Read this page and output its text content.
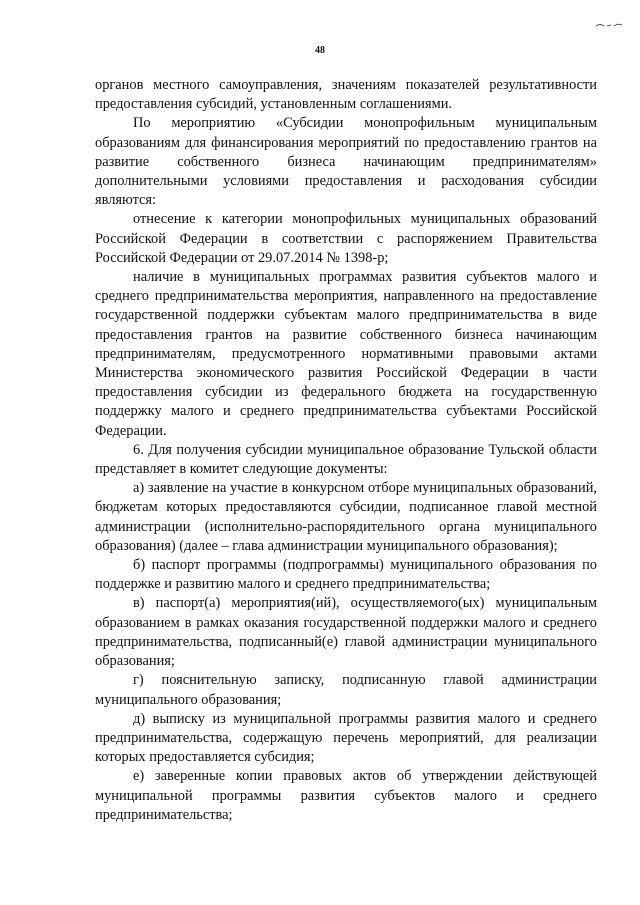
48

органов местного самоуправления, значениям показателей результативности предоставления субсидий, установленным соглашениями.

По мероприятию «Субсидии монопрофильным муниципальным образованиям для финансирования мероприятий по предоставлению грантов на развитие собственного бизнеса начинающим предпринимателям» дополнительными условиями предоставления и расходования субсидии являются:

отнесение к категории монопрофильных муниципальных образований Российской Федерации в соответствии с распоряжением Правительства Российской Федерации от 29.07.2014 № 1398-р;

наличие в муниципальных программах развития субъектов малого и среднего предпринимательства мероприятия, направленного на предоставление государственной поддержки субъектам малого предпринимательства в виде предоставления грантов на развитие собственного бизнеса начинающим предпринимателям, предусмотренного нормативными правовыми актами Министерства экономического развития Российской Федерации в части предоставления субсидии из федерального бюджета на государственную поддержку малого и среднего предпринимательства субъектами Российской Федерации.

6. Для получения субсидии муниципальное образование Тульской области представляет в комитет следующие документы:

а) заявление на участие в конкурсном отборе муниципальных образований, бюджетам которых предоставляются субсидии, подписанное главой местной администрации (исполнительно-распорядительного органа муниципального образования) (далее – глава администрации муниципального образования);

б) паспорт программы (подпрограммы) муниципального образования по поддержке и развитию малого и среднего предпринимательства;

в) паспорт(а) мероприятия(ий), осуществляемого(ых) муниципальным образованием в рамках оказания государственной поддержки малого и среднего предпринимательства, подписанный(е) главой администрации муниципального образования;

г) пояснительную записку, подписанную главой администрации муниципального образования;

д) выписку из муниципальной программы развития малого и среднего предпринимательства, содержащую перечень мероприятий, для реализации которых предоставляется субсидия;

е) заверенные копии правовых актов об утверждении действующей муниципальной программы развития субъектов малого и среднего предпринимательства;
